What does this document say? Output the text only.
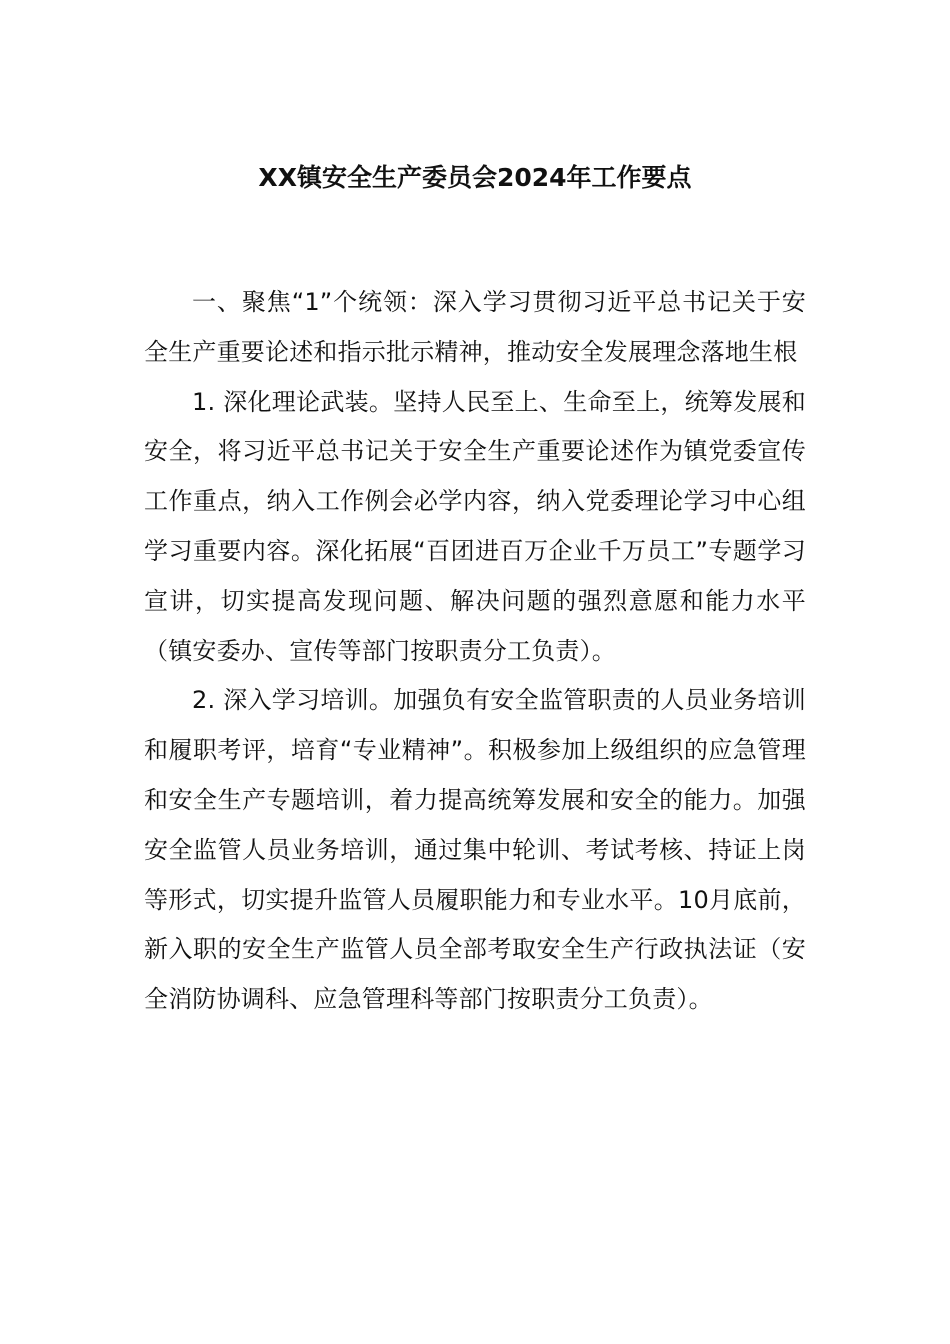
XX镇安全生产委员会2024年工作要点

一、聚焦“1”个统领：深入学习贯彻习近平总书记关于安全生产重要论述和指示批示精神，推动安全发展理念落地生根

1. 深化理论武装。坚持人民至上、生命至上，统筹发展和安全，将习近平总书记关于安全生产重要论述作为镇党委宣传工作重点，纳入工作例会必学内容，纳入党委理论学习中心组学习重要内容。深化拓展“百团进百万企业千万员工”专题学习宣讲，切实提高发现问题、解决问题的强烈意愿和能力水平（镇安委办、宣传等部门按职责分工负责）。

2. 深入学习培训。加强负有安全监管职责的人员业务培训和履职考评，培育“专业精神”。积极参加上级组织的应急管理和安全生产专题培训，着力提高统筹发展和安全的能力。加强安全监管人员业务培训，通过集中轮训、考试考核、持证上岗等形式，切实提升监管人员履职能力和专业水平。10月底前，新入职的安全生产监管人员全部考取安全生产行政执法证（安全消防协调科、应急管理科等部门按职责分工负责）。
